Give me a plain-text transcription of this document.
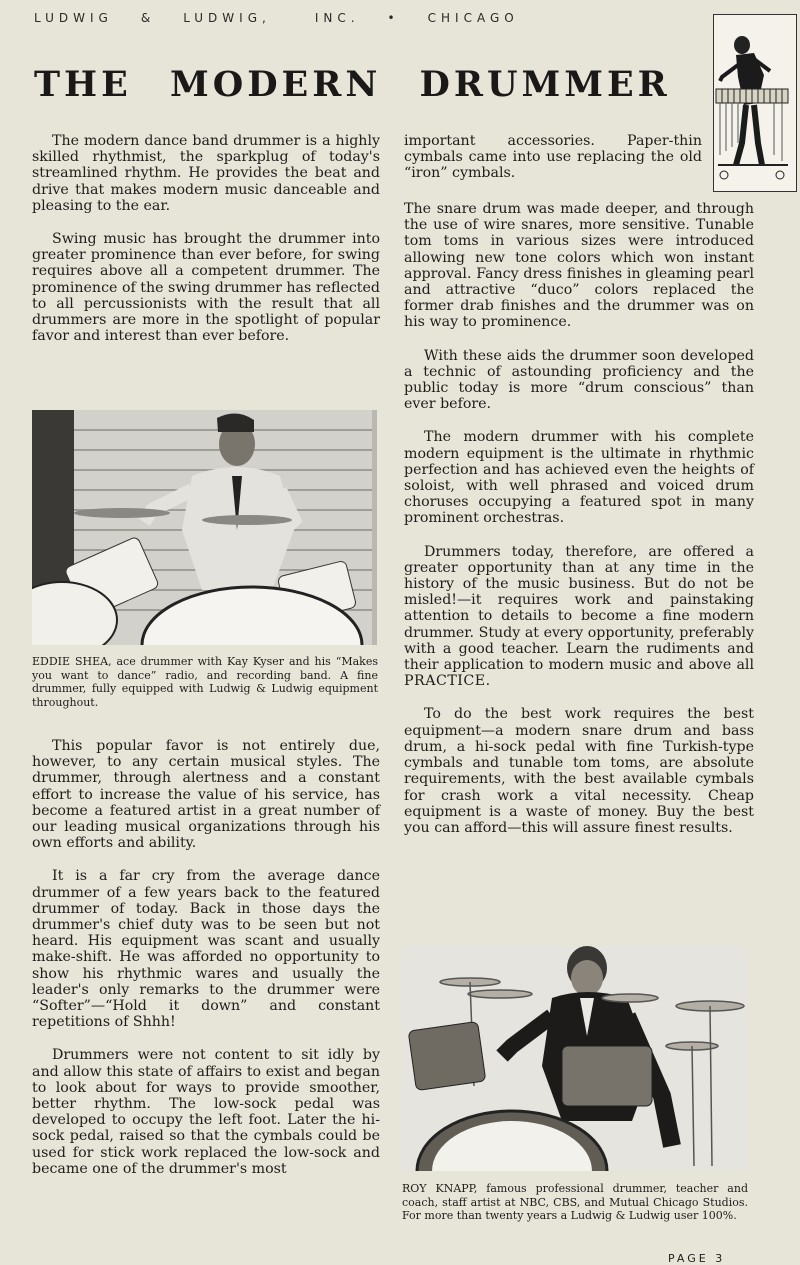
LUDWIG & LUDWIG,	INC. • CHICAGO
THE MODERN DRUMMER

The modern dance band drummer is a highly skilled rhythmist, the sparkplug of today's streamlined rhythm. He provides the beat and drive that makes modern music danceable and pleasing to the ear.

Swing music has brought the drummer into greater prominence than ever before, for swing requires above all a competent drummer. The prominence of the swing drummer has reflected to all percussionists with the result that all drummers are more in the spotlight of popular favor and interest than ever before.

EDDIE SHEA, ace drummer with Kay Kyser and his “Makes you want to dance” radio, and recording band. A fine drummer, fully equipped with Ludwig & Ludwig equipment throughout.

This popular favor is not entirely due, however, to any certain musical styles. The drummer, through alertness and a constant effort to increase the value of his service, has become a featured artist in a great number of our leading musical organizations through his own efforts and ability.

It is a far cry from the average dance drummer of a few years back to the featured drummer of today. Back in those days the drummer's chief duty was to be seen but not heard. His equipment was scant and usually make-shift. He was afforded no opportunity to show his rhythmic wares and usually the leader's only remarks to the drummer were “Softer”—“Hold it down” and constant repetitions of Shhh!

Drummers were not content to sit idly by and allow this state of affairs to exist and began to look about for ways to provide smoother, better rhythm. The low-sock pedal was developed to occupy the left foot. Later the hi-sock pedal, raised so that the cymbals could be used for stick work replaced the low-sock and became one of the drummer's most

important accessories. Paper-thin cymbals came into use replacing the old “iron” cymbals.

The snare drum was made deeper, and through the use of wire snares, more sensitive. Tunable tom toms in various sizes were introduced allowing new tone colors which won instant approval. Fancy dress finishes in gleaming pearl and attractive “duco” colors replaced the former drab finishes and the drummer was on his way to prominence.

With these aids the drummer soon developed a technic of astounding proficiency and the public today is more “drum conscious” than ever before.

The modern drummer with his complete modern equipment is the ultimate in rhythmic perfection and has achieved even the heights of soloist, with well phrased and voiced drum choruses occupying a featured spot in many prominent orchestras.

Drummers today, therefore, are offered a greater opportunity than at any time in the history of the music business. But do not be misled!—it requires work and painstaking attention to details to become a fine modern drummer. Study at every opportunity, preferably with a good teacher. Learn the rudiments and their application to modern music and above all PRACTICE.

To do the best work requires the best equipment—a modern snare drum and bass drum, a hi-sock pedal with fine Turkish-type cymbals and tunable tom toms, are absolute requirements, with the best available cymbals for crash work a vital necessity. Cheap equipment is a waste of money. Buy the best you can afford—this will assure finest results.

ROY KNAPP, famous professional drummer, teacher and coach, staff artist at NBC, CBS, and Mutual Chicago Studios. For more than twenty years a Ludwig & Ludwig user 100%.
PAGE 3
